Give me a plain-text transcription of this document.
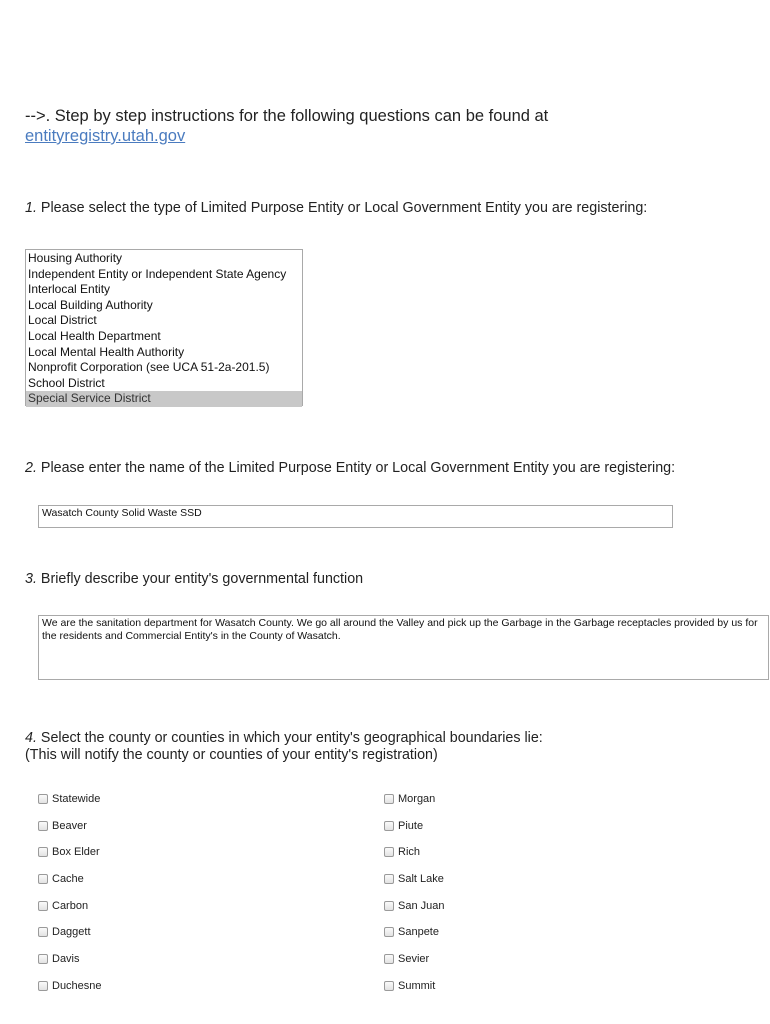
-->. Step by step instructions for the following questions can be found at
entityregistry.utah.gov
1. Please select the type of Limited Purpose Entity or Local Government Entity you are registering:
Housing Authority
Independent Entity or Independent State Agency
Interlocal Entity
Local Building Authority
Local District
Local Health Department
Local Mental Health Authority
Nonprofit Corporation (see UCA 51-2a-201.5)
School District
Special Service District
2. Please enter the name of the Limited Purpose Entity or Local Government Entity you are registering:
Wasatch County Solid Waste SSD
3. Briefly describe your entity's governmental function
We are the sanitation department for Wasatch County. We go all around the Valley and pick up the Garbage in the Garbage receptacles provided by us for the residents and Commercial Entity's in the County of Wasatch.
4. Select the county or counties in which your entity's geographical boundaries lie:
(This will notify the county or counties of your entity's registration)
Statewide
Beaver
Box Elder
Cache
Carbon
Daggett
Davis
Duchesne
Morgan
Piute
Rich
Salt Lake
San Juan
Sanpete
Sevier
Summit
